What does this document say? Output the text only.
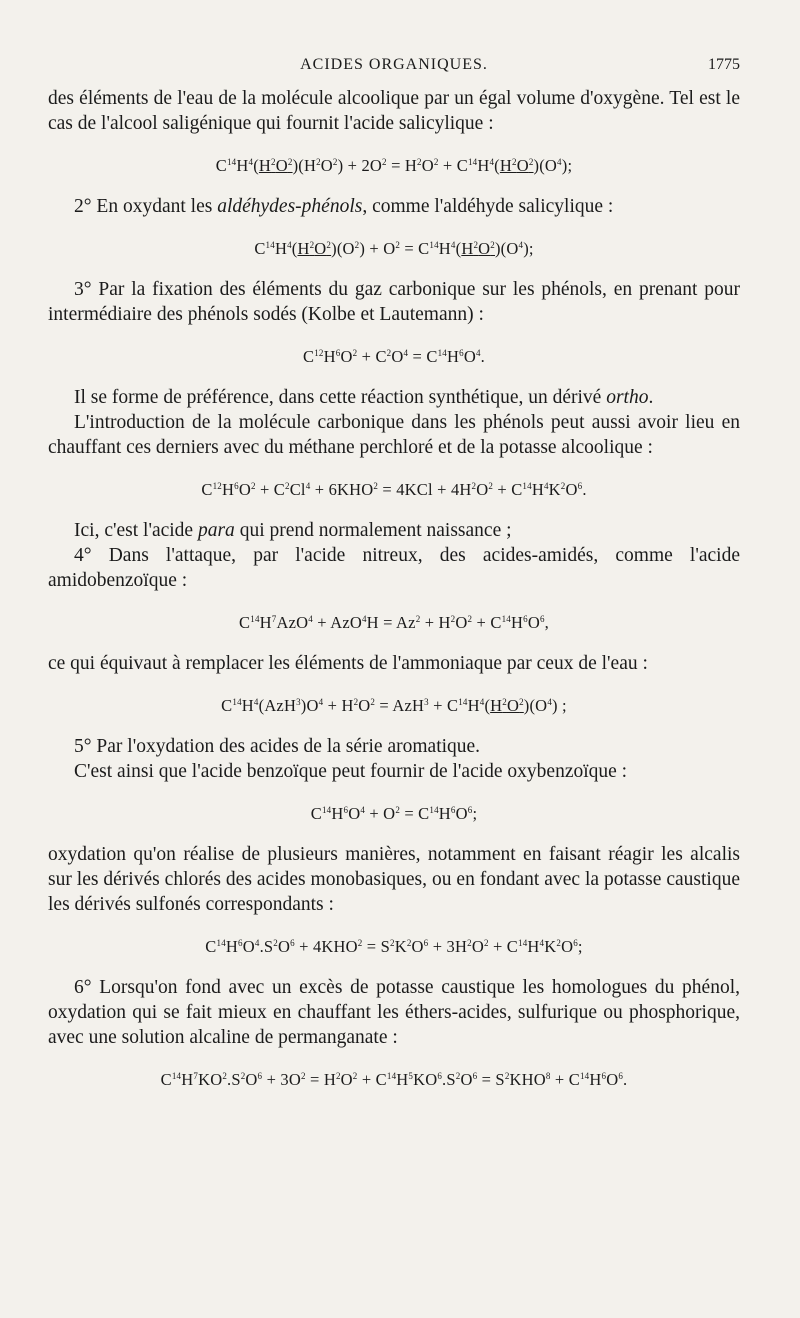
ACIDES ORGANIQUES.	1775

des éléments de l'eau de la molécule alcoolique par un égal volume d'oxygène. Tel est le cas de l'alcool saligénique qui fournit l'acide salicylique :

$C^{14}H^4(H^2O^2)(H^2O^2) + 2O^2 = H^2O^2 + C^{14}H^4(H^2O^2)(O^4)$;

2° En oxydant les aldéhydes-phénols, comme l'aldéhyde salicylique :

$C^{14}H^4(H^2O^2)(O^2) + O^2 = C^{14}H^4(H^2O^2)(O^4)$;

3° Par la fixation des éléments du gaz carbonique sur les phénols, en prenant pour intermédiaire des phénols sodés (Kolbe et Lautemann) :

$C^{12}H^6O^2 + C^2O^4 = C^{14}H^6O^4$.

Il se forme de préférence, dans cette réaction synthétique, un dérivé ortho.

L'introduction de la molécule carbonique dans les phénols peut aussi avoir lieu en chauffant ces derniers avec du méthane perchloré et de la potasse alcoolique :

$C^{12}H^6O^2 + C^2Cl^4 + 6KHO^2 = 4KCl + 4H^2O^2 + C^{14}H^4K^2O^6$.

Ici, c'est l'acide para qui prend normalement naissance ;

4° Dans l'attaque, par l'acide nitreux, des acides-amidés, comme l'acide amidobenzoïque :

$C^{14}H^7AzO^4 + AzO^4H = Az^2 + H^2O^2 + C^{14}H^6O^6$,

ce qui équivaut à remplacer les éléments de l'ammoniaque par ceux de l'eau :

$C^{14}H^4(AzH^3)O^4 + H^2O^2 = AzH^3 + C^{14}H^4(H^2O^2)(O^4)$ ;

5° Par l'oxydation des acides de la série aromatique.

C'est ainsi que l'acide benzoïque peut fournir de l'acide oxybenzoïque :

$C^{14}H^6O^4 + O^2 = C^{14}H^6O^6$;

oxydation qu'on réalise de plusieurs manières, notamment en faisant réagir les alcalis sur les dérivés chlorés des acides monobasiques, ou en fondant avec la potasse caustique les dérivés sulfonés correspondants :

$C^{14}H^6O^4.S^2O^6 + 4KHO^2 = S^2K^2O^6 + 3H^2O^2 + C^{14}H^4K^2O^6$;

6° Lorsqu'on fond avec un excès de potasse caustique les homologues du phénol, oxydation qui se fait mieux en chauffant les éthers-acides, sulfurique ou phosphorique, avec une solution alcaline de permanganate :

$C^{14}H^7KO^2.S^2O^6 + 3O^2 = H^2O^2 + C^{14}H^5KO^6.S^2O^6 = S^2KHO^8 + C^{14}H^6O^6$.
